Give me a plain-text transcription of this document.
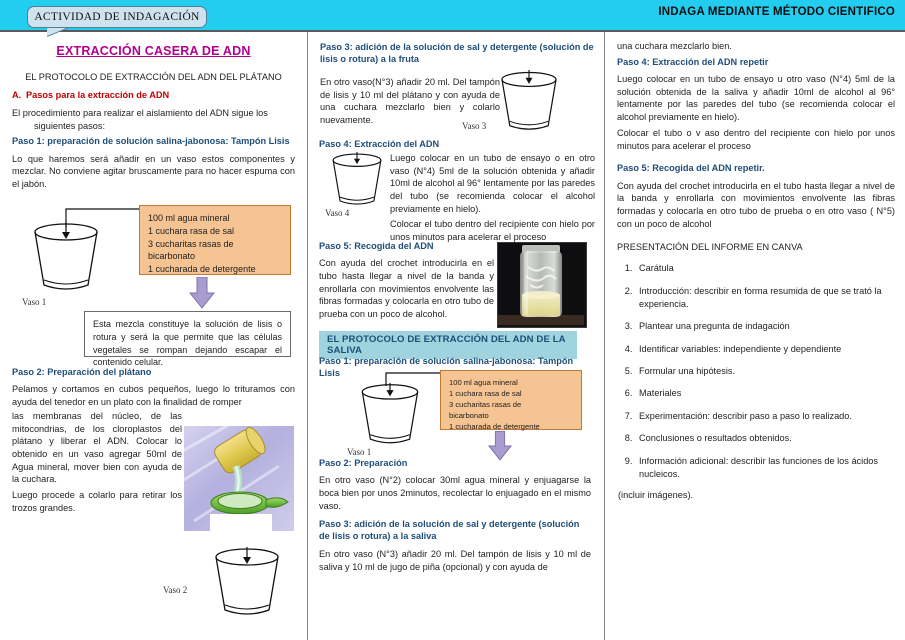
ACTIVIDAD DE INDAGACIÓN	INDAGA MEDIANTE MÉTODO CIENTIFICO
EXTRACCIÓN CASERA DE ADN
EL PROTOCOLO DE EXTRACCIÓN DEL ADN DEL PLÁTANO
A. Pasos para la extracción de ADN

El procedimiento para realizar el aislamiento del ADN sigue los
siguientes pasos:

Paso 1: preparación de solución salina-jabonosa: Tampón Lisis

Lo que haremos será añadir en un vaso estos componentes y mezclar. No conviene agitar bruscamente para no hacer espuma con el jabón.

Vaso 1
100 ml agua mineral
1 cuchara rasa de sal
3 cucharitas rasas de
bicarbonato
1 cucharada de detergente
Esta mezcla constituye la solución de lisis o rotura y será la que permite que las células vegetales se rompan dejando escapar el contenido celular.
Paso 2: Preparación del plátano

Pelamos y cortamos en cubos pequeños, luego lo trituramos con ayuda del tenedor en un plato con la finalidad de romper

las membranas del núcleo, de las mitocondrias, de los cloroplastos del plátano y liberar el ADN. Colocar lo obtenido en un vaso agregar 50ml de Agua mineral, mover bien con ayuda de la cuchara.

Luego procede a colarlo para retirar los trozos grandes.

Vaso 2
Paso 3: adición de la solución de sal y detergente (solución de lisis o rotura) a la fruta

En otro vaso(N°3) añadir 20 ml. Del tampón de lisis y 10 ml del plátano y con ayuda de una cuchara mezclarlo bien y colarlo nuevamente.

Vaso 3
Paso 4: Extracción del ADN
Vaso 4

Luego colocar en un tubo de ensayo o en otro vaso (N°4) 5ml de la solución obtenida y añadir 10ml de alcohol al 96° lentamente por las paredes del tubo (se recomienda colocar el alcohol previamente en hielo).

Colocar el tubo dentro del recipiente con hielo por unos minutos para acelerar el proceso

Paso 5: Recogida del ADN

Con ayuda del crochet introducirla en el tubo hasta llegar a nivel de la banda y enrollarla con movimientos envolvente las fibras formadas y colocarla en otro tubo de prueba con un poco de alcohol.

EL PROTOCOLO DE EXTRACCIÓN DEL ADN DE LA SALIVA
Paso 1: preparación de solución salina-jabonosa: Tampón Lisis
Vaso 1
100 ml agua mineral
1 cuchara rasa de sal
3 cucharitas rasas de
bicarbonato
1 cucharada de detergente
Paso 2: Preparación

En otro vaso (N°2) colocar 30ml agua mineral y enjuagarse la boca bien por unos 2minutos, recolectar lo enjuagado en el mismo vaso.

Paso 3: adición de la solución de sal y detergente (solución de lisis o rotura) a la saliva

En otro vaso (N°3) añadir 20 ml. Del tampón de lisis y 10 ml de saliva y 10 ml de jugo de piña (opcional) y con ayuda de

una cuchara mezclarlo bien.

Paso 4: Extracción del ADN repetir

Luego colocar en un tubo de ensayo u otro vaso (N°4) 5ml de la solución obtenida de la saliva y añadir 10ml de alcohol al 96° lentamente por las paredes del tubo (se recomienda colocar el alcohol previamente en hielo).

Colocar el tubo o v aso dentro del recipiente con hielo por unos minutos para acelerar el proceso

Paso 5: Recogida del ADN repetir.

Con ayuda del crochet introducirla en el tubo hasta llegar a nivel de la banda y enrollarla con movimientos envolvente las fibras formadas y colocarla en otro tubo de prueba o en otro vaso ( N°5) con un poco de alcohol

PRESENTACIÓN DEL INFORME EN CANVA
1. Carátula
2. Introducción: describir en forma resumida de que se trató la experiencia.
3. Plantear una pregunta de indagación
4. Identificar variables: independiente y dependiente
5. Formular una hipótesis.
6. Materiales
7. Experimentación: describir paso a paso lo realizado.
8. Conclusiones o resultados obtenidos.
9. Información adicional: describir las funciones de los ácidos nucleicos.
(incluir imágenes).
